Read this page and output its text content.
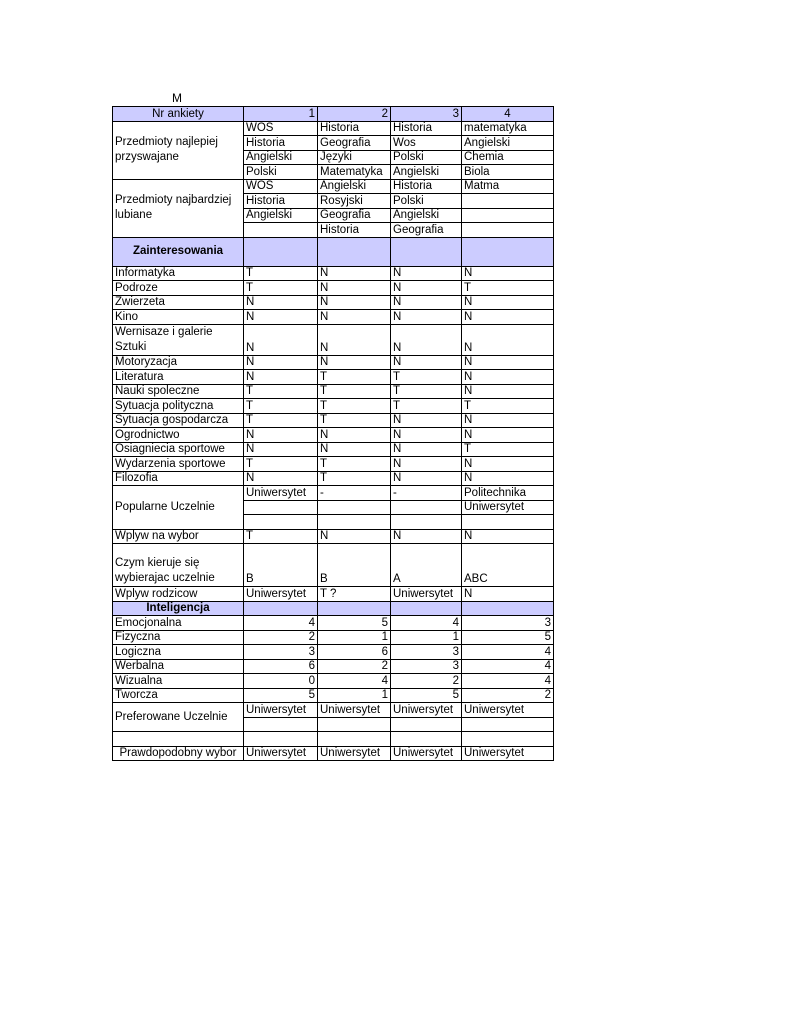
M
Nr ankiety	1	2	3	4
Przedmioty najlepiej przyswajane	WOS	Historia	Historia	matematyka
	Historia	Geografia	Wos	Angielski
	Angielski	Języki	Polski	Chemia
	Polski	Matematyka	Angielski	Biola
Przedmioty najbardziej lubiane	WOS	Angielski	Historia	Matma
	Historia	Rosyjski	Polski	
	Angielski	Geografia	Angielski	
		Historia	Geografia	
Zainteresowania				
Informatyka	T	N	N	N
Podroze	T	N	N	T
Zwierzeta	N	N	N	N
Kino	N	N	N	N
Wernisaze i galerie Sztuki	N	N	N	N
Motoryzacja	N	N	N	N
Literatura	N	T	T	N
Nauki spoleczne	T	T	T	N
Sytuacja polityczna	T	T	T	T
Sytuacja gospodarcza	T	T	N	N
Ogrodnictwo	N	N	N	N
Osiagniecia sportowe	N	N	N	T
Wydarzenia sportowe	T	T	N	N
Filozofia	N	T	N	N
Popularne Uczelnie	Uniwersytet	-	-	Politechnika
				Uniwersytet

Wplyw na wybor	T	N	N	N
Czym kieruje się wybierajac uczelnie	B	B	A	ABC
Wplyw rodzicow	Uniwersytet	T ?	Uniwersytet	N
Inteligencja				
Emocjonalna	4	5	4	3
Fizyczna	2	1	1	5
Logiczna	3	6	3	4
Werbalna	6	2	3	4
Wizualna	0	4	2	4
Tworcza	5	1	5	2
Preferowane Uczelnie	Uniwersytet	Uniwersytet	Uniwersytet	Uniwersytet

Prawdopodobny wybor	Uniwersytet	Uniwersytet	Uniwersytet	Uniwersytet
